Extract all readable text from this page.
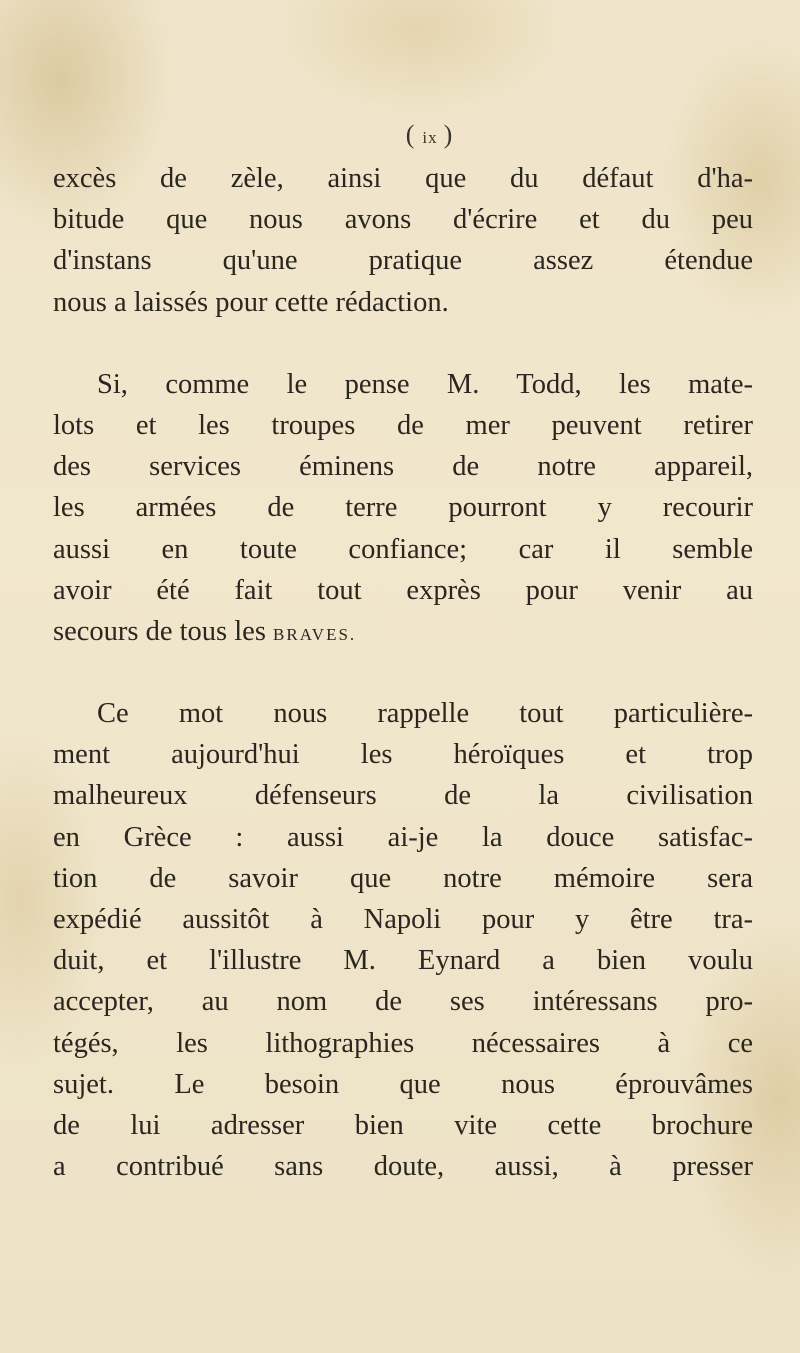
( ix )

excès de zèle, ainsi que du défaut d'ha-
bitude que nous avons d'écrire et du peu
d'instans qu'une pratique assez étendue
nous a laissés pour cette rédaction.

Si, comme le pense M. Todd, les mate-
lots et les troupes de mer peuvent retirer
des services éminens de notre appareil,
les armées de terre pourront y recourir
aussi en toute confiance; car il semble
avoir été fait tout exprès pour venir au
secours de tous les BRAVES.

Ce mot nous rappelle tout particulière-
ment aujourd'hui les héroïques et trop
malheureux défenseurs de la civilisation
en Grèce : aussi ai-je la douce satisfac-
tion de savoir que notre mémoire sera
expédié aussitôt à Napoli pour y être tra-
duit, et l'illustre M. Eynard a bien voulu
accepter, au nom de ses intéressans pro-
tégés, les lithographies nécessaires à ce
sujet. Le besoin que nous éprouvâmes
de lui adresser bien vite cette brochure
a contribué sans doute, aussi, à presser
